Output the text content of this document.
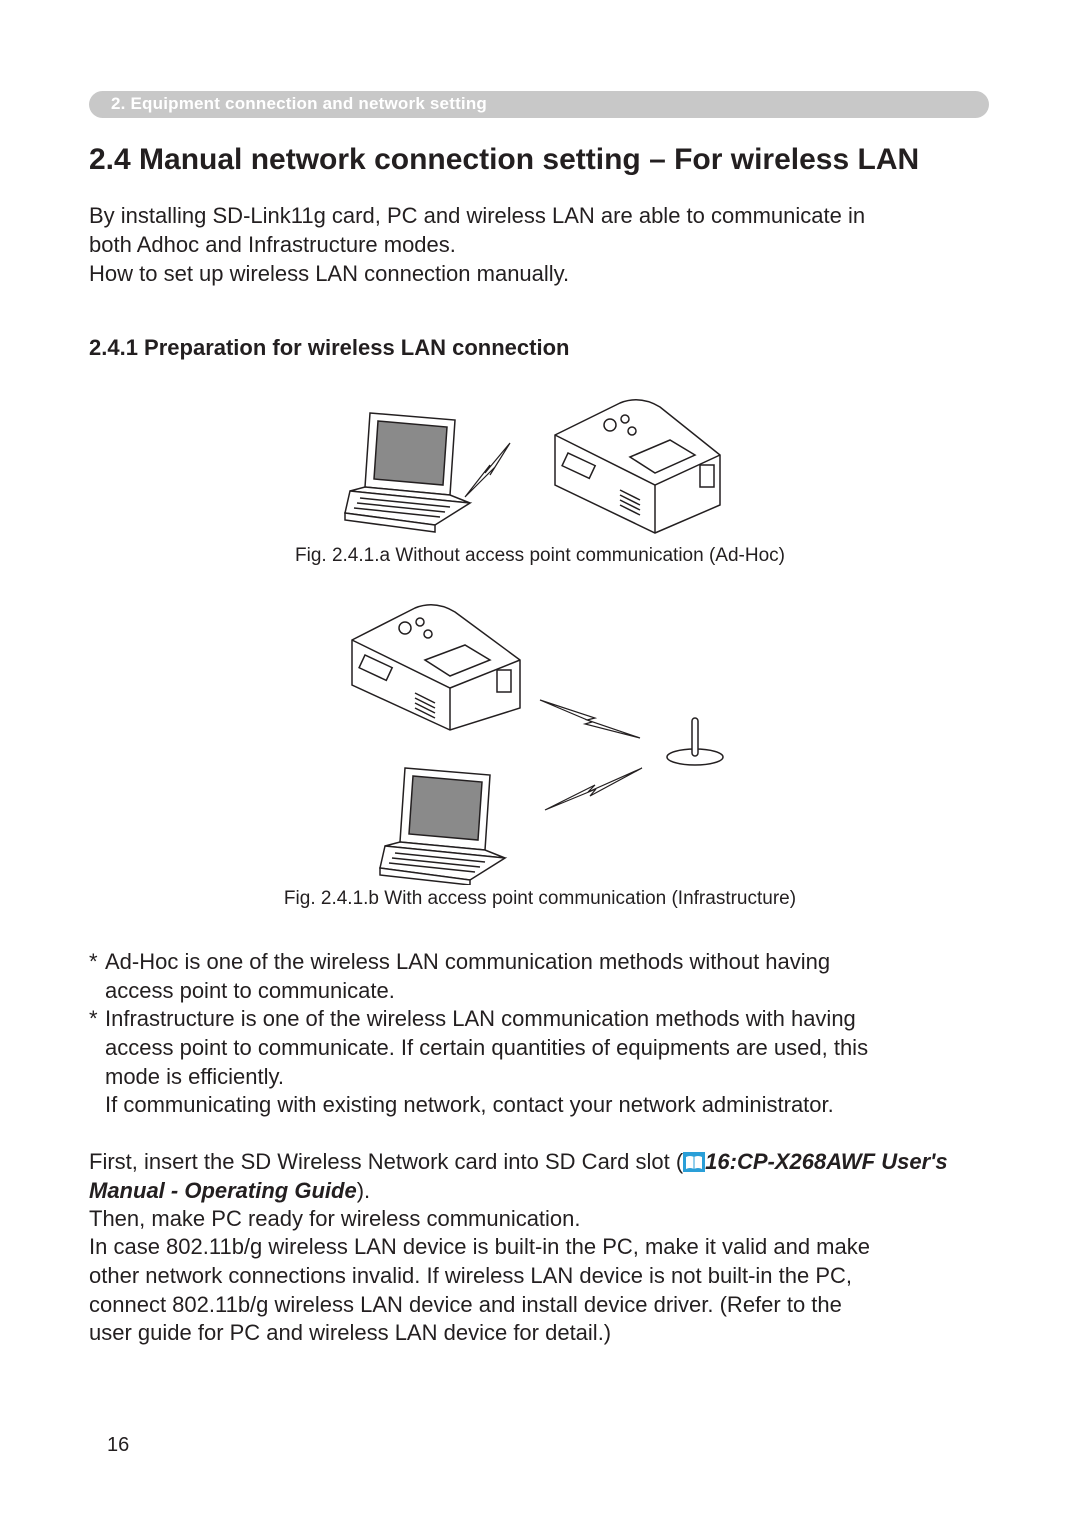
2. Equipment connection and network setting
2.4 Manual network connection setting – For wireless LAN
By installing SD-Link11g card, PC and wireless LAN are able to communicate in
both Adhoc and Infrastructure modes.
How to set up wireless LAN connection manually.
2.4.1 Preparation for wireless LAN connection
Fig. 2.4.1.a Without access point communication (Ad-Hoc)
Fig. 2.4.1.b With access point communication (Infrastructure)
* Ad-Hoc is one of the wireless LAN communication methods without having
access point to communicate.
* Infrastructure is one of the wireless LAN communication methods with having
access point to communicate. If certain quantities of equipments are used, this
mode is efficiently.
If communicating with existing network, contact your network administrator.
First, insert the SD Wireless Network card into SD Card slot ( 16:CP-X268AWF User's
Manual - Operating Guide).
Then, make PC ready for wireless communication.
In case 802.11b/g wireless LAN device is built-in the PC, make it valid and make
other network connections invalid. If wireless LAN device is not built-in the PC,
connect 802.11b/g wireless LAN device and install device driver. (Refer to the
user guide for PC and wireless LAN device for detail.)
16
